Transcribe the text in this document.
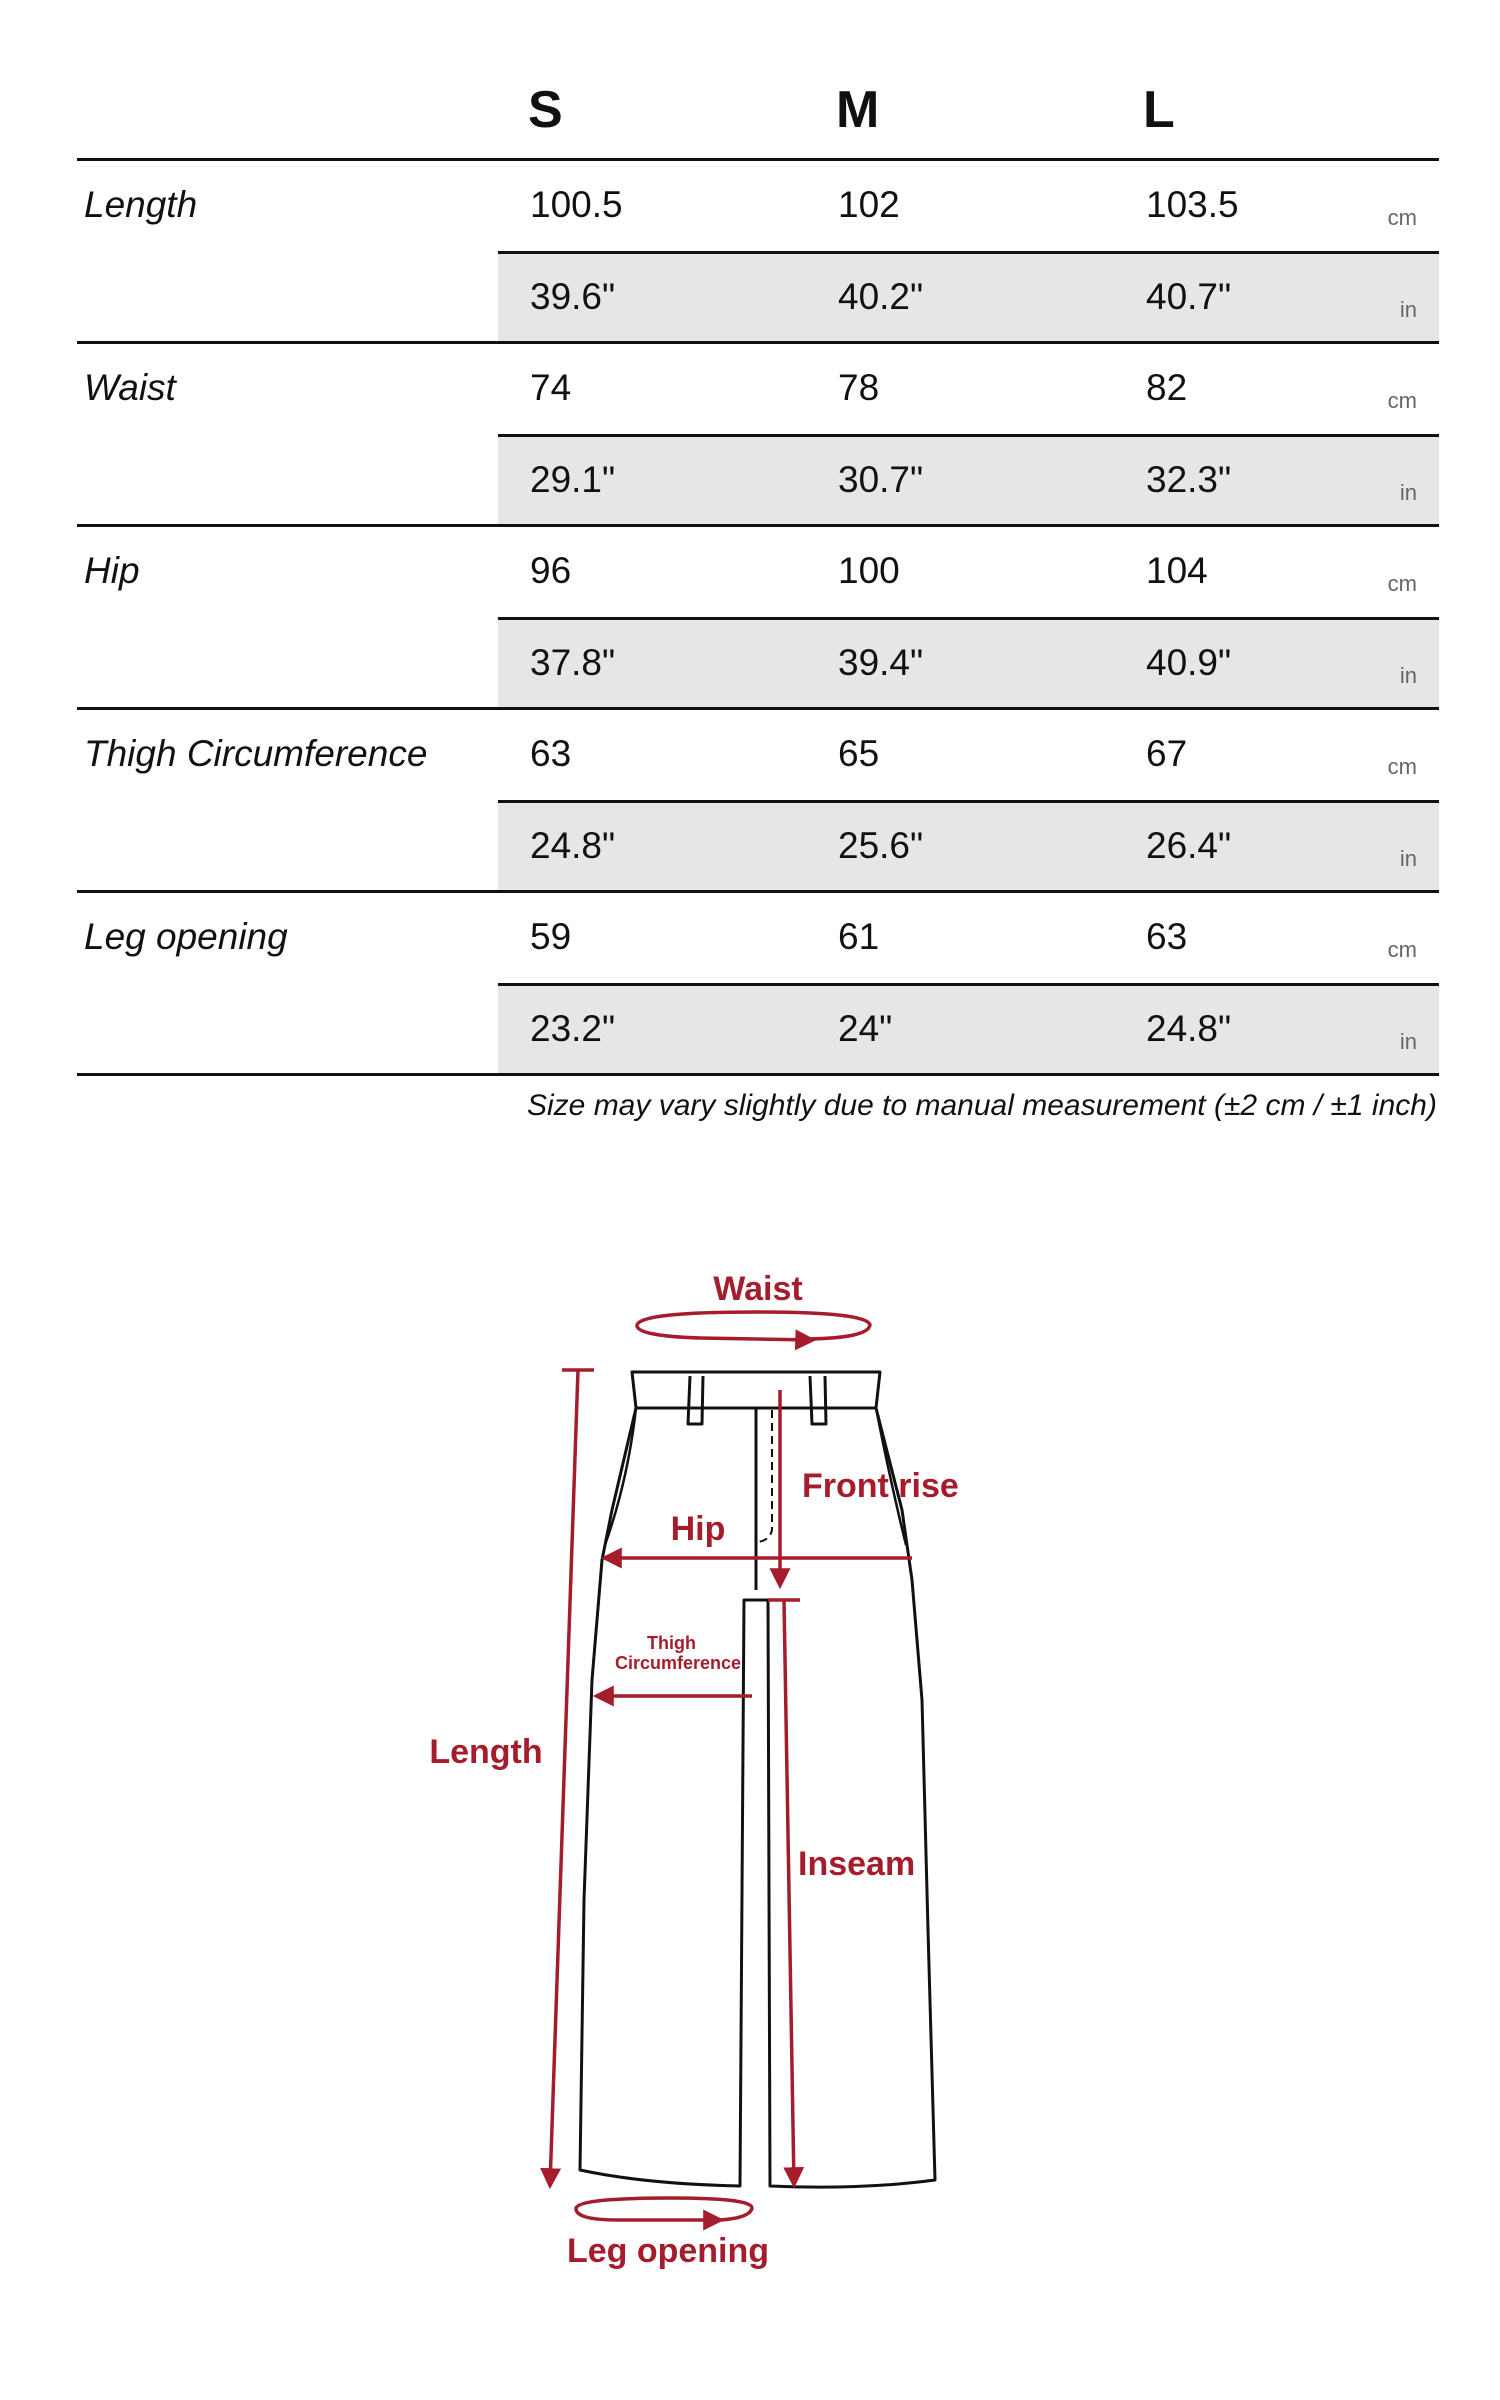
S	M	L
Length	100.5	102	103.5	cm
39.6"	40.2"	40.7"	in
Waist	74	78	82	cm
29.1"	30.7"	32.3"	in
Hip	96	100	104	cm
37.8"	39.4"	40.9"	in
Thigh Circumference	63	65	67	cm
24.8"	25.6"	26.4"	in
Leg opening	59	61	63	cm
23.2"	24"	24.8"	in
Size may vary slightly due to manual measurement (±2 cm / ±1 inch)
Waist
Front rise
Hip
Thigh Circumference
Length
Inseam
Leg opening
